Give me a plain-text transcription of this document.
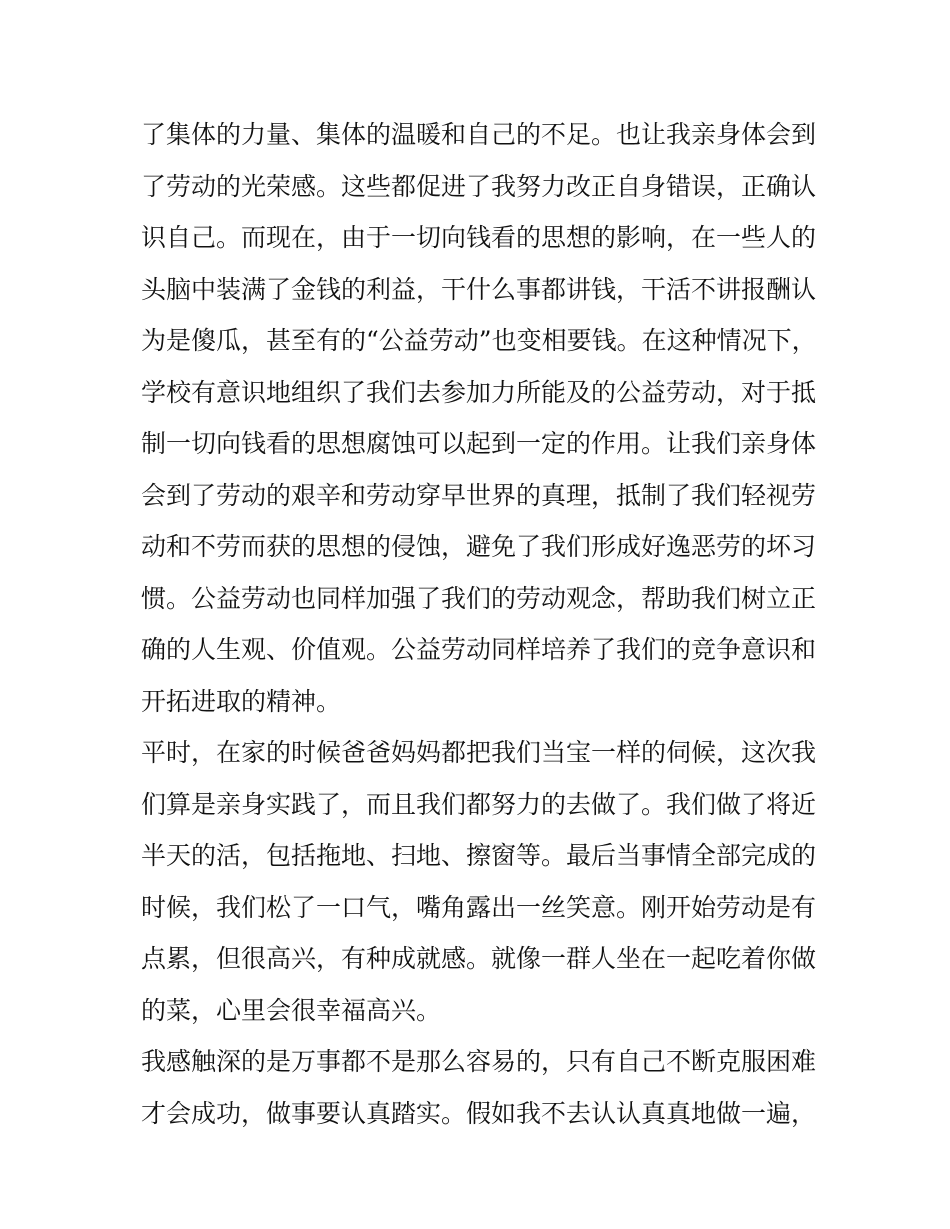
了集体的力量、集体的温暖和自己的不足。也让我亲身体会到
了劳动的光荣感。这些都促进了我努力改正自身错误，正确认
识自己。而现在，由于一切向钱看的思想的影响，在一些人的
头脑中装满了金钱的利益，干什么事都讲钱，干活不讲报酬认
为是傻瓜，甚至有的“公益劳动”也变相要钱。在这种情况下，
学校有意识地组织了我们去参加力所能及的公益劳动，对于抵
制一切向钱看的思想腐蚀可以起到一定的作用。让我们亲身体
会到了劳动的艰辛和劳动穿早世界的真理，抵制了我们轻视劳
动和不劳而获的思想的侵蚀，避免了我们形成好逸恶劳的坏习
惯。公益劳动也同样加强了我们的劳动观念，帮助我们树立正
确的人生观、价值观。公益劳动同样培养了我们的竞争意识和
开拓进取的精神。
平时，在家的时候爸爸妈妈都把我们当宝一样的伺候，这次我
们算是亲身实践了，而且我们都努力的去做了。我们做了将近
半天的活，包括拖地、扫地、擦窗等。最后当事情全部完成的
时候，我们松了一口气，嘴角露出一丝笑意。刚开始劳动是有
点累，但很高兴，有种成就感。就像一群人坐在一起吃着你做
的菜，心里会很幸福高兴。
我感触深的是万事都不是那么容易的，只有自己不断克服困难
才会成功，做事要认真踏实。假如我不去认认真真地做一遍，
